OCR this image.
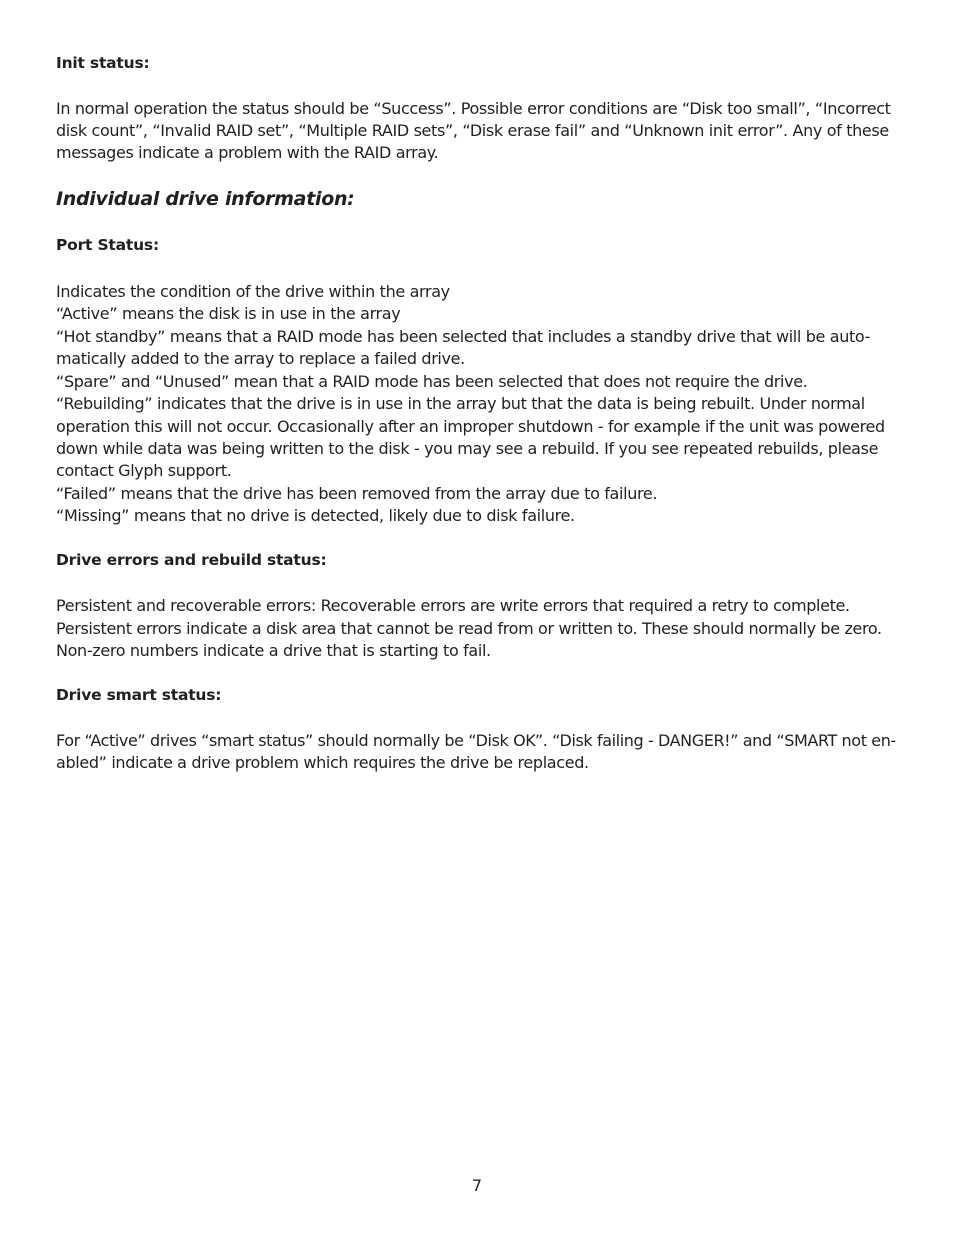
Init status:
In normal operation the status should be “Success”. Possible error conditions are “Disk too small”, “Incorrect
disk count”, “Invalid RAID set”, “Multiple RAID sets”, “Disk erase fail” and “Unknown init error”. Any of these
messages indicate a problem with the RAID array.
Individual drive information:
Port Status:
Indicates the condition of the drive within the array
“Active” means the disk is in use in the array
“Hot standby” means that a RAID mode has been selected that includes a standby drive that will be auto-
matically added to the array to replace a failed drive.
“Spare” and “Unused” mean that a RAID mode has been selected that does not require the drive.
“Rebuilding” indicates that the drive is in use in the array but that the data is being rebuilt. Under normal
operation this will not occur. Occasionally after an improper shutdown - for example if the unit was powered
down while data was being written to the disk - you may see a rebuild. If you see repeated rebuilds, please
contact Glyph support.
“Failed” means that the drive has been removed from the array due to failure.
“Missing” means that no drive is detected, likely due to disk failure.
Drive errors and rebuild status:
Persistent and recoverable errors: Recoverable errors are write errors that required a retry to complete.
Persistent errors indicate a disk area that cannot be read from or written to. These should normally be zero.
Non-zero numbers indicate a drive that is starting to fail.
Drive smart status:
For “Active” drives “smart status” should normally be “Disk OK”. “Disk failing - DANGER!” and “SMART not en-
abled” indicate a drive problem which requires the drive be replaced.
7
